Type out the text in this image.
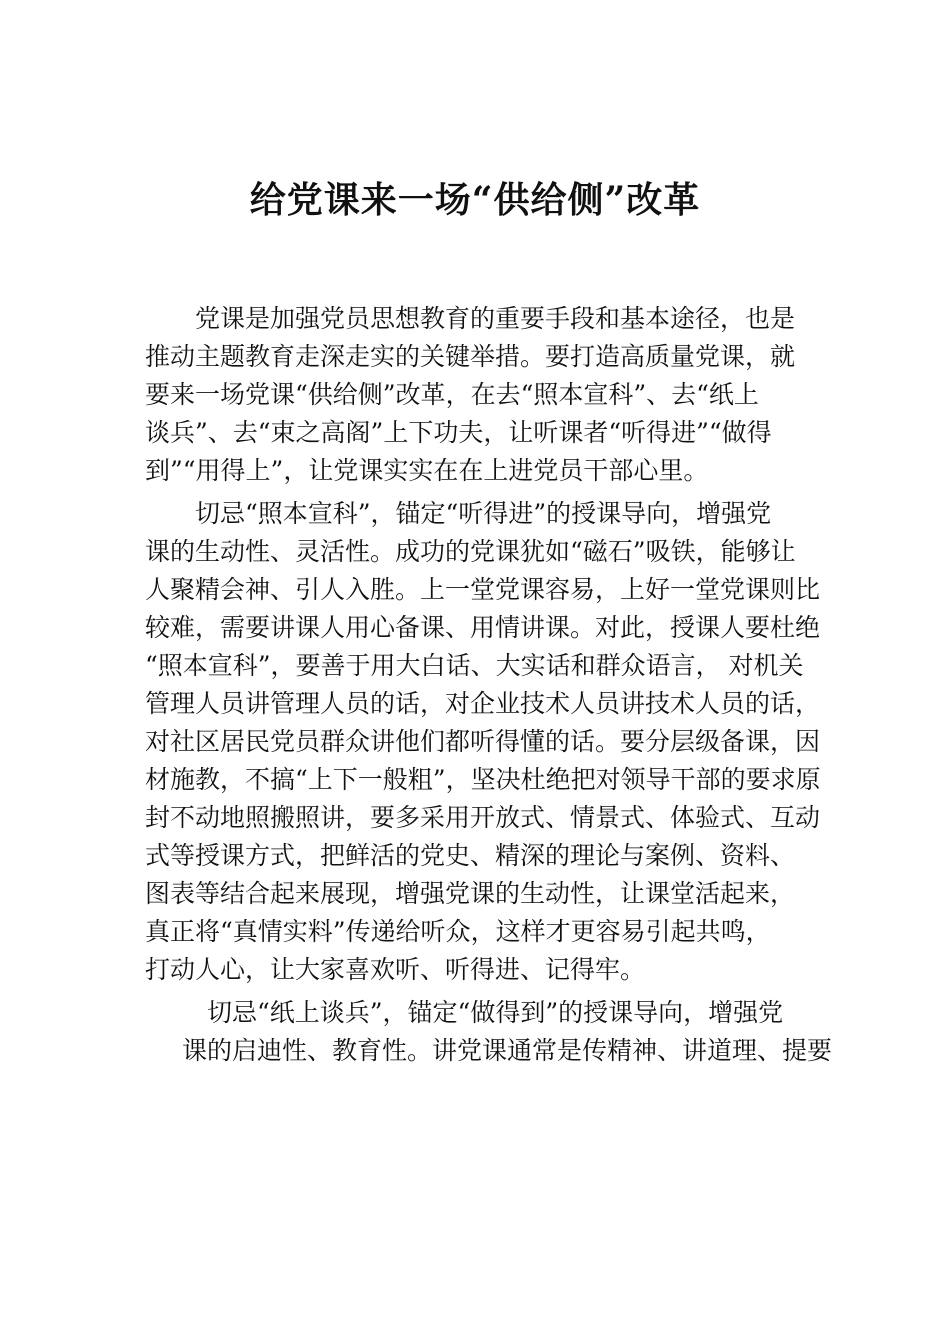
给党课来一场“供给侧”改革

党课是加强党员思想教育的重要手段和基本途径，也是

推动主题教育走深走实的关键举措。要打造高质量党课，就

要来一场党课“供给侧”改革，在去“照本宣科”、去“纸上

谈兵”、去“束之高阁”上下功夫，让听课者“听得进”“做得

到”“用得上”，让党课实实在在上进党员干部心里。

切忌“照本宣科”，锚定“听得进”的授课导向，增强党

课的生动性、灵活性。成功的党课犹如“磁石”吸铁，能够让

人聚精会神、引人入胜。上一堂党课容易，上好一堂党课则比

较难，需要讲课人用心备课、用情讲课。对此，授课人要杜绝

“照本宣科”，要善于用大白话、大实话和群众语言， 对机关

管理人员讲管理人员的话，对企业技术人员讲技术人员的话，

对社区居民党员群众讲他们都听得懂的话。要分层级备课，因

材施教，不搞“上下一般粗”，坚决杜绝把对领导干部的要求原

封不动地照搬照讲，要多采用开放式、情景式、体验式、互动

式等授课方式，把鲜活的党史、精深的理论与案例、资料、

图表等结合起来展现，增强党课的生动性，让课堂活起来，

真正将“真情实料”传递给听众，这样才更容易引起共鸣，

打动人心，让大家喜欢听、听得进、记得牢。

切忌“纸上谈兵”，锚定“做得到”的授课导向，增强党

课的启迪性、教育性。讲党课通常是传精神、讲道理、提要
